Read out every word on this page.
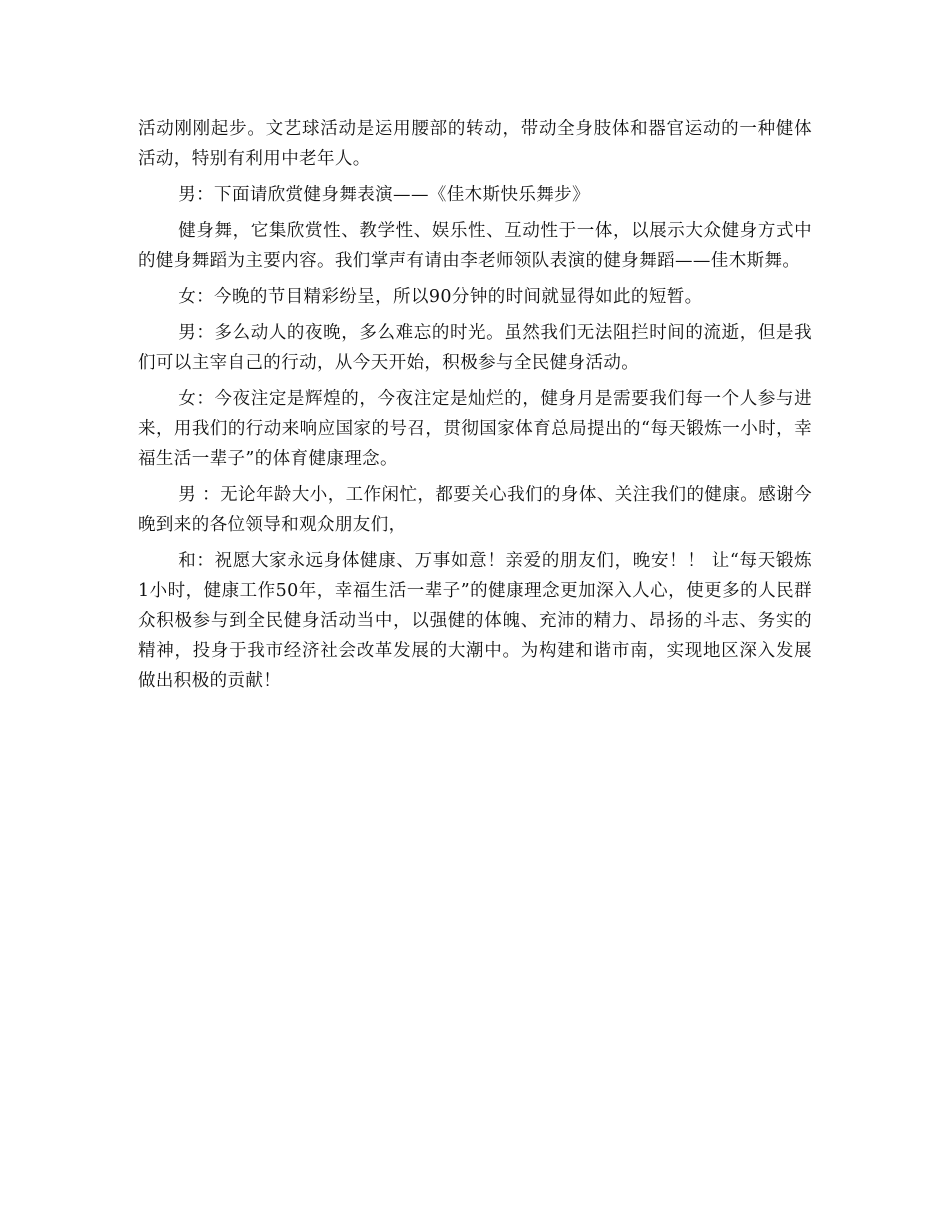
活动刚刚起步。文艺球活动是运用腰部的转动，带动全身肢体和器官运动的一种健体活动，特别有利用中老年人。

男：下面请欣赏健身舞表演——《佳木斯快乐舞步》

健身舞，它集欣赏性、教学性、娱乐性、互动性于一体，以展示大众健身方式中的健身舞蹈为主要内容。我们掌声有请由李老师领队表演的健身舞蹈——佳木斯舞。

女：今晚的节目精彩纷呈，所以90分钟的时间就显得如此的短暂。

男：多么动人的夜晚，多么难忘的时光。虽然我们无法阻拦时间的流逝，但是我们可以主宰自己的行动，从今天开始，积极参与全民健身活动。

女：今夜注定是辉煌的，今夜注定是灿烂的，健身月是需要我们每一个人参与进来，用我们的行动来响应国家的号召，贯彻国家体育总局提出的“每天锻炼一小时，幸福生活一辈子”的体育健康理念。

男 ：无论年龄大小，工作闲忙，都要关心我们的身体、关注我们的健康。感谢今晚到来的各位领导和观众朋友们，

和：祝愿大家永远身体健康、万事如意！亲爱的朋友们，晚安！！ 让“每天锻炼1小时，健康工作50年，幸福生活一辈子”的健康理念更加深入人心，使更多的人民群众积极参与到全民健身活动当中，以强健的体魄、充沛的精力、昂扬的斗志、务实的精神，投身于我市经济社会改革发展的大潮中。为构建和谐市南，实现地区深入发展做出积极的贡献！
